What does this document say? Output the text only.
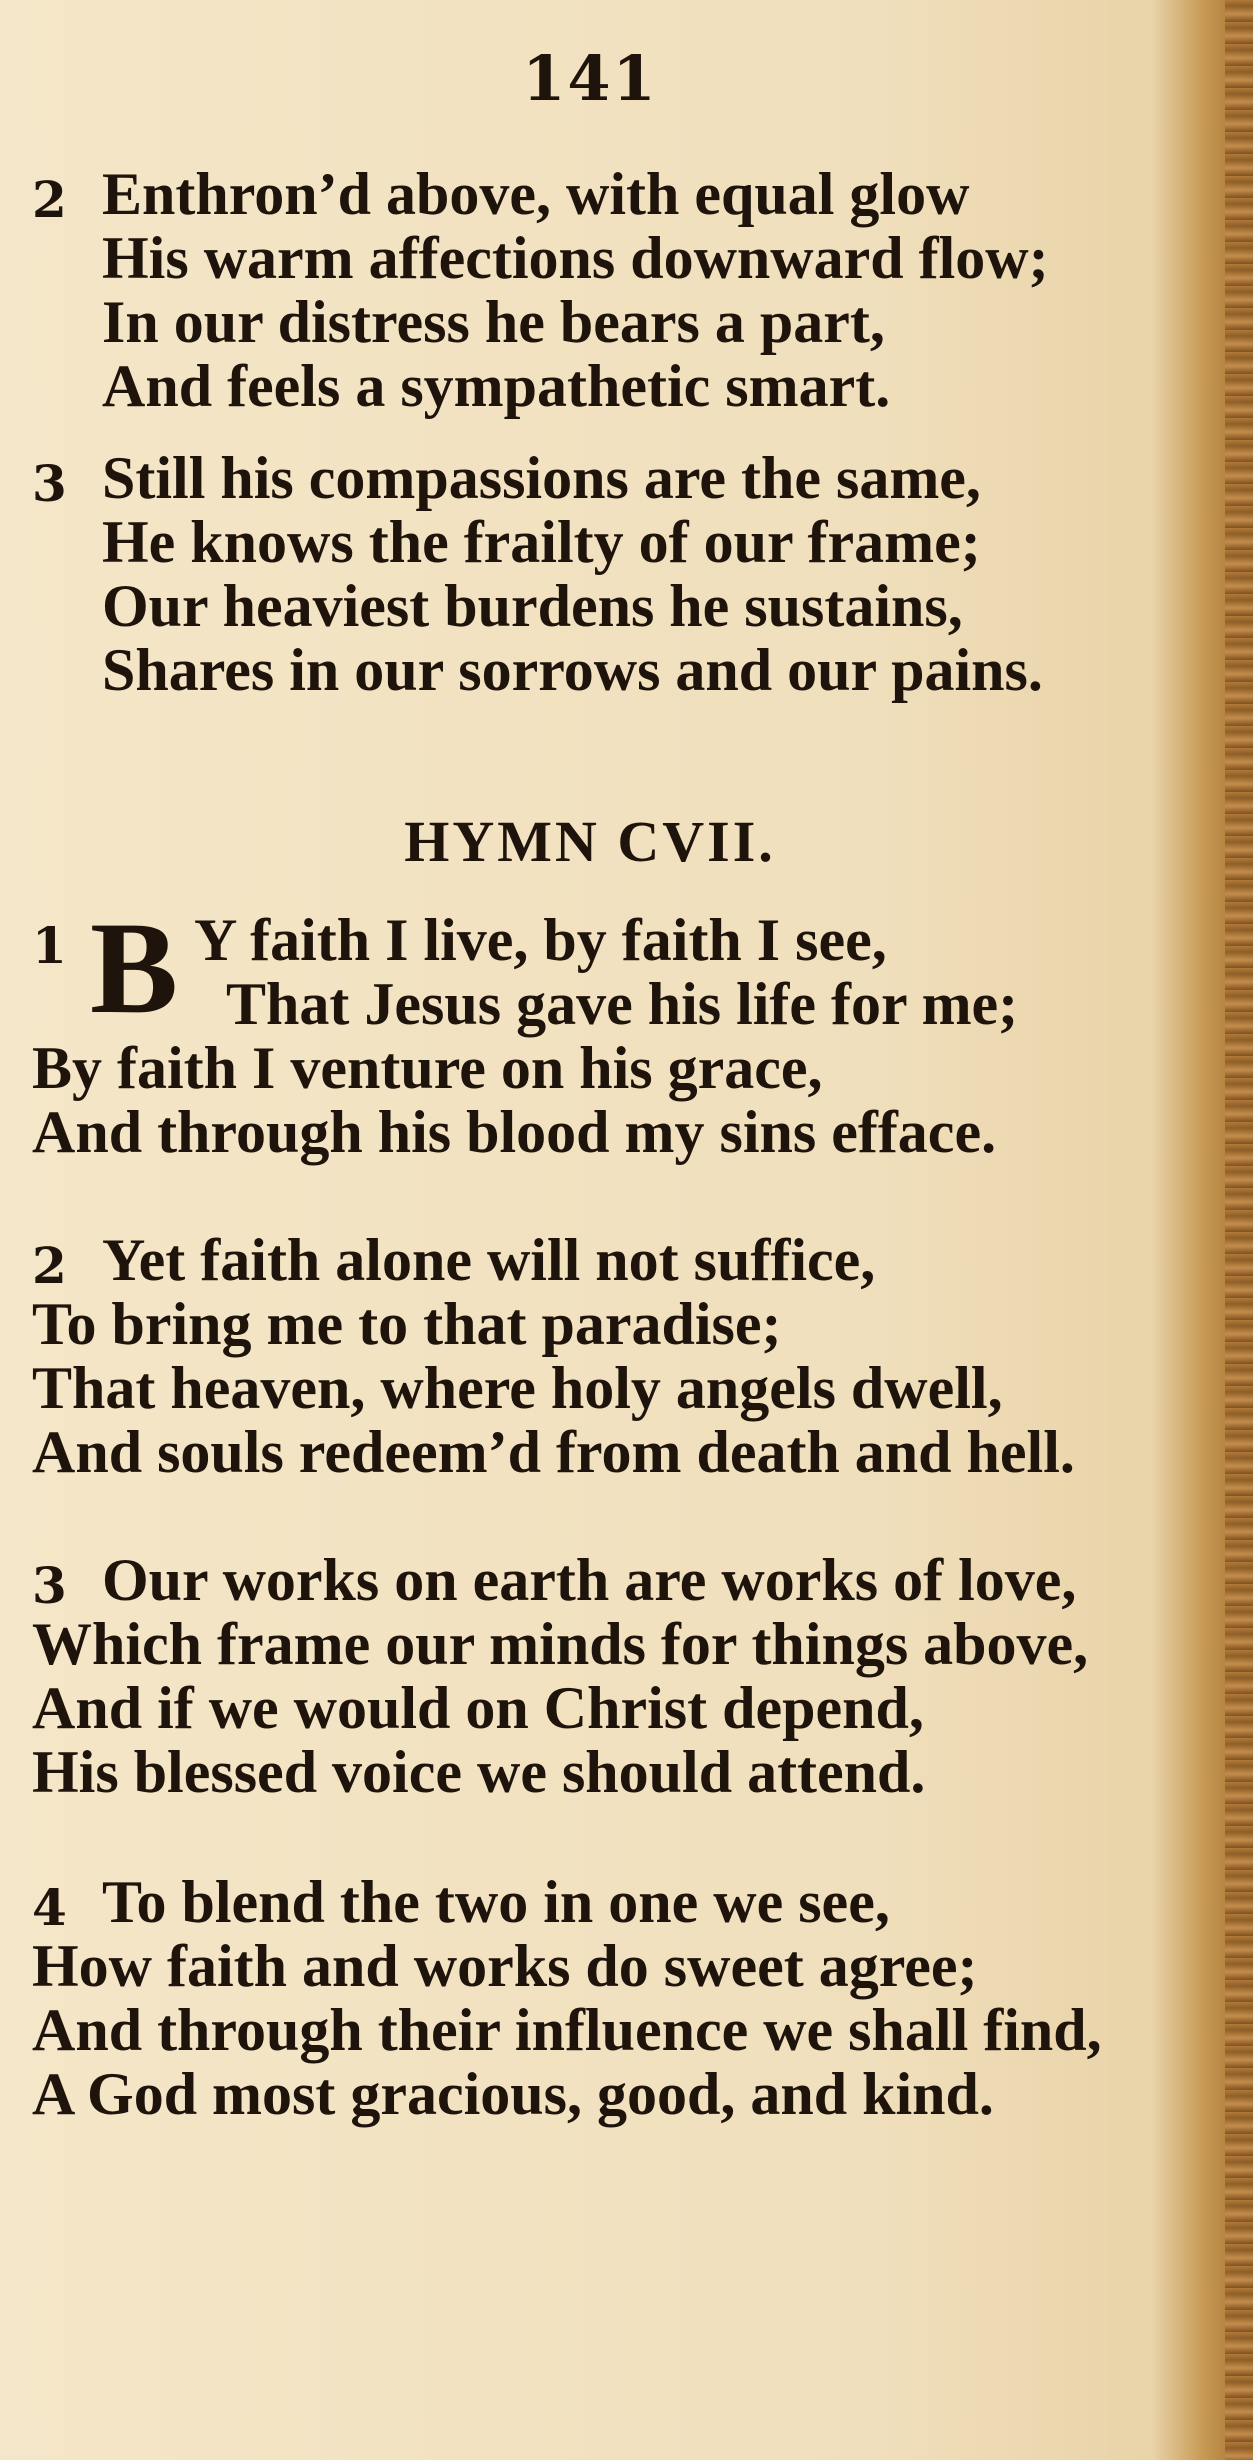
141
2 Enthron’d above, with equal glow
His warm affections downward flow;
In our distress he bears a part,
And feels a sympathetic smart.
3 Still his compassions are the same,
He knows the frailty of our frame;
Our heaviest burdens he sustains,
Shares in our sorrows and our pains.
HYMN CVII.
1 B Y faith I live, by faith I see,
That Jesus gave his life for me;
By faith I venture on his grace,
And through his blood my sins efface.
2 Yet faith alone will not suffice,
To bring me to that paradise;
That heaven, where holy angels dwell,
And souls redeem’d from death and hell.
3 Our works on earth are works of love,
Which frame our minds for things above,
And if we would on Christ depend,
His blessed voice we should attend.
4 To blend the two in one we see,
How faith and works do sweet agree;
And through their influence we shall find,
A God most gracious, good, and kind.
